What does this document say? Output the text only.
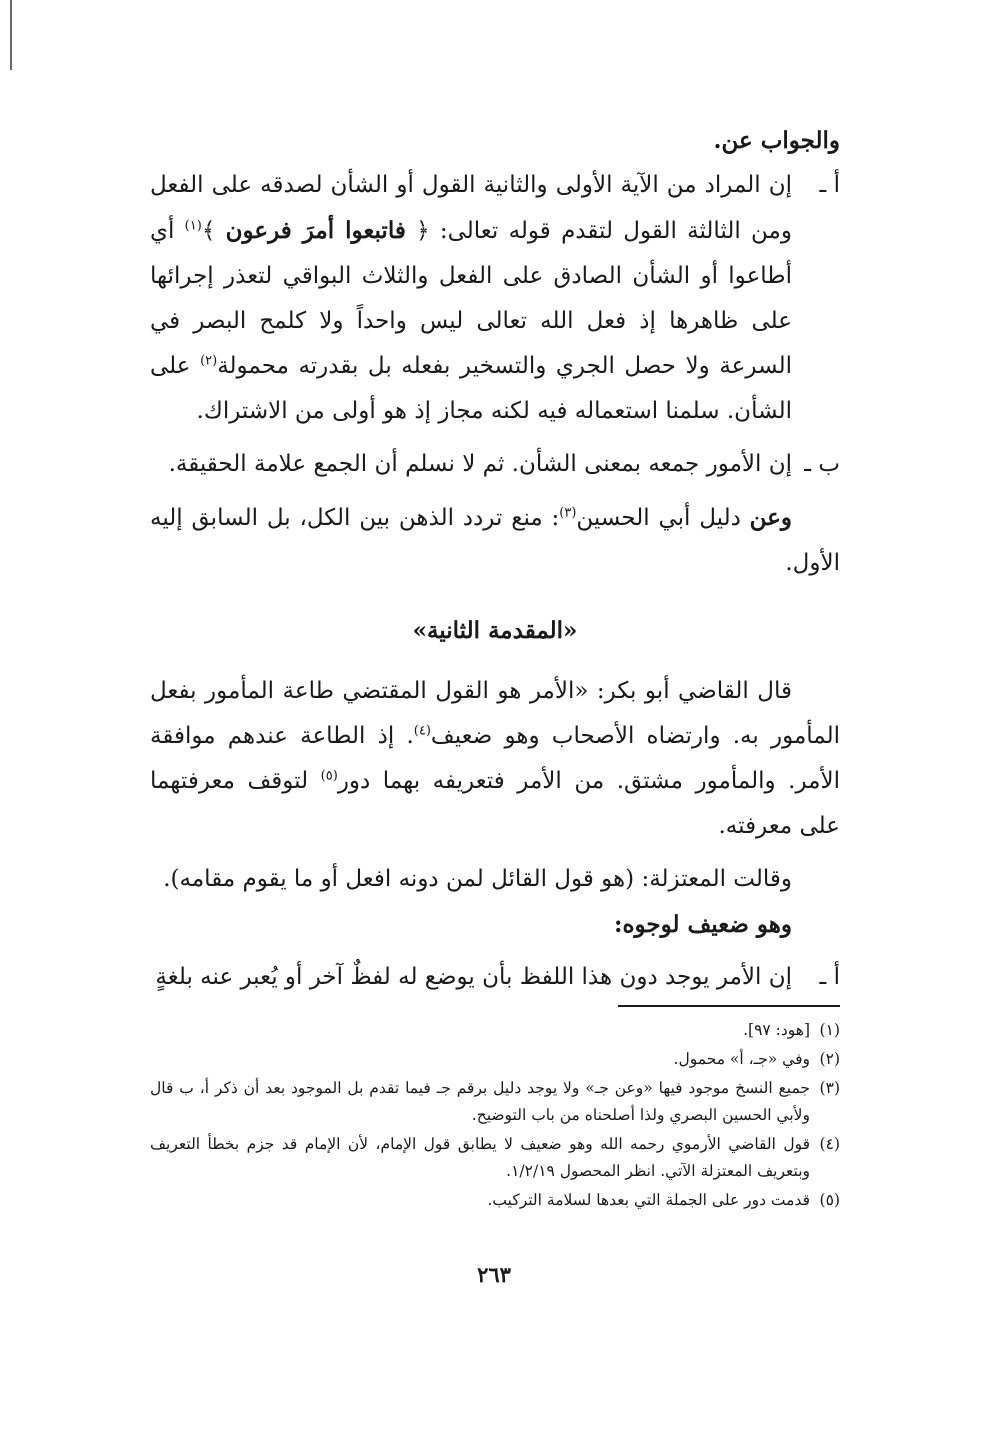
والجواب عن.

أ ـ
إن المراد من الآية الأولى والثانية القول أو الشأن لصدقه على الفعل ومن الثالثة القول لتقدم قوله تعالى: ﴿ فاتبعوا أمرَ فرعون ﴾$^{(١)}$ أي أطاعوا أو الشأن الصادق على الفعل والثلاث البواقي لتعذر إجرائها على ظاهرها إذ فعل الله تعالى ليس واحداً ولا كلمح البصر في السرعة ولا حصل الجري والتسخير بفعله بل بقدرته محمولة$^{(٢)}$ على الشأن. سلمنا استعماله فيه لكنه مجاز إذ هو أولى من الاشتراك.

ب ـ
إن الأمور جمعه بمعنى الشأن. ثم لا نسلم أن الجمع علامة الحقيقة.

وعن دليل أبي الحسين$^{(٣)}$: منع تردد الذهن بين الكل، بل السابق إليه الأول.

«المقدمة الثانية»

قال القاضي أبو بكر: «الأمر هو القول المقتضي طاعة المأمور بفعل المأمور به. وارتضاه الأصحاب وهو ضعيف$^{(٤)}$. إذ الطاعة عندهم موافقة الأمر. والمأمور مشتق. من الأمر فتعريفه بهما دور$^{(٥)}$ لتوقف معرفتهما على معرفته.

وقالت المعتزلة: (هو قول القائل لمن دونه افعل أو ما يقوم مقامه).

وهو ضعيف لوجوه:

أ ـ
إن الأمر يوجد دون هذا اللفظ بأن يوضع له لفظٌ آخر أو يُعبر عنه بلغةٍ

(١)
[هود: ٩٧].

(٢)
وفي «جـ، أ» محمول.

(٣)
جميع النسخ موجود فيها «وعن جـ» ولا يوجد دليل برقم جـ فيما تقدم بل الموجود بعد أن ذكر أ، ب قال ولأبي الحسين البصري ولذا أصلحناه من باب التوضيح.

(٤)
قول القاضي الأرموي رحمه الله وهو ضعيف لا يطابق قول الإمام، لأن الإمام قد جزم بخطأ التعريف وبتعريف المعتزلة الآتي. انظر المحصول ١/٢/١٩.

(٥)
قدمت دور على الجملة التي بعدها لسلامة التركيب.

٢٦٣
